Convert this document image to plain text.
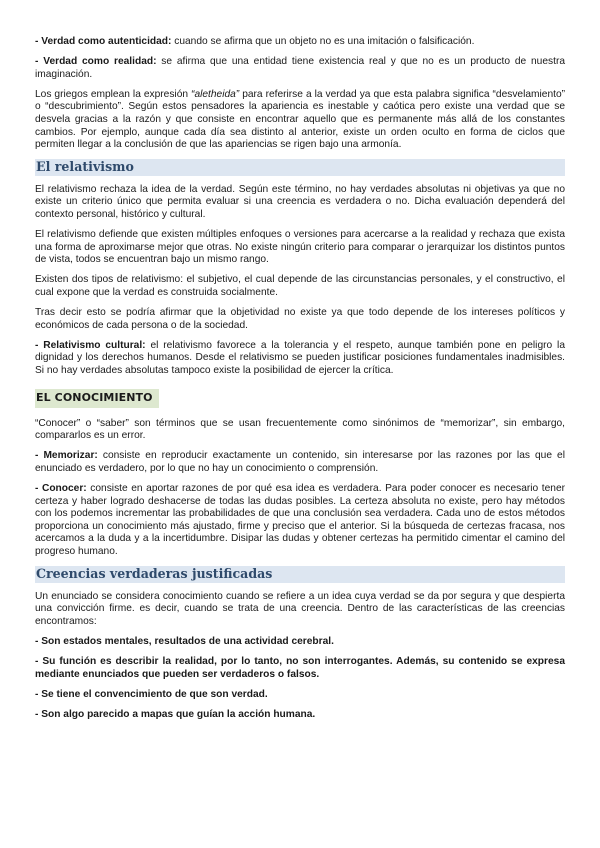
- Verdad como autenticidad: cuando se afirma que un objeto no es una imitación o falsificación.

- Verdad como realidad: se afirma que una entidad tiene existencia real y que no es un producto de nuestra imaginación.

Los griegos emplean la expresión “aletheida” para referirse a la verdad ya que esta palabra significa “desvelamiento” o “descubrimiento”. Según estos pensadores la apariencia es inestable y caótica pero existe una verdad que se desvela gracias a la razón y que consiste en encontrar aquello que es permanente más allá de los constantes cambios. Por ejemplo, aunque cada día sea distinto al anterior, existe un orden oculto en forma de ciclos que permiten llegar a la conclusión de que las apariencias se rigen bajo una armonía.

El relativismo

El relativismo rechaza la idea de la verdad. Según este término, no hay verdades absolutas ni objetivas ya que no existe un criterio único que permita evaluar si una creencia es verdadera o no. Dicha evaluación dependerá del contexto personal, histórico y cultural.

El relativismo defiende que existen múltiples enfoques o versiones para acercarse a la realidad y rechaza que exista una forma de aproximarse mejor que otras. No existe ningún criterio para comparar o jerarquizar los distintos puntos de vista, todos se encuentran bajo un mismo rango.

Existen dos tipos de relativismo: el subjetivo, el cual depende de las circunstancias personales, y el constructivo, el cual expone que la verdad es construida socialmente.

Tras decir esto se podría afirmar que la objetividad no existe ya que todo depende de los intereses políticos y económicos de cada persona o de la sociedad.

- Relativismo cultural: el relativismo favorece a la tolerancia y el respeto, aunque también pone en peligro la dignidad y los derechos humanos. Desde el relativismo se pueden justificar posiciones fundamentales inadmisibles. Si no hay verdades absolutas tampoco existe la posibilidad de ejercer la crítica.

EL CONOCIMIENTO

“Conocer” o “saber” son términos que se usan frecuentemente como sinónimos de “memorizar”, sin embargo, compararlos es un error.

- Memorizar: consiste en reproducir exactamente un contenido, sin interesarse por las razones por las que el enunciado es verdadero, por lo que no hay un conocimiento o comprensión.

- Conocer: consiste en aportar razones de por qué esa idea es verdadera. Para poder conocer es necesario tener certeza y haber logrado deshacerse de todas las dudas posibles. La certeza absoluta no existe, pero hay métodos con los podemos incrementar las probabilidades de que una conclusión sea verdadera. Cada uno de estos métodos proporciona un conocimiento más ajustado, firme y preciso que el anterior. Si la búsqueda de certezas fracasa, nos acercamos a la duda y a la incertidumbre. Disipar las dudas y obtener certezas ha permitido cimentar el camino del progreso humano.

Creencias verdaderas justificadas

Un enunciado se considera conocimiento cuando se refiere a un idea cuya verdad se da por segura y que despierta una convicción firme. es decir, cuando se trata de una creencia. Dentro de las características de las creencias encontramos:

- Son estados mentales, resultados de una actividad cerebral.

- Su función es describir la realidad, por lo tanto, no son interrogantes. Además, su contenido se expresa mediante enunciados que pueden ser verdaderos o falsos.

- Se tiene el convencimiento de que son verdad.

- Son algo parecido a mapas que guían la acción humana.
